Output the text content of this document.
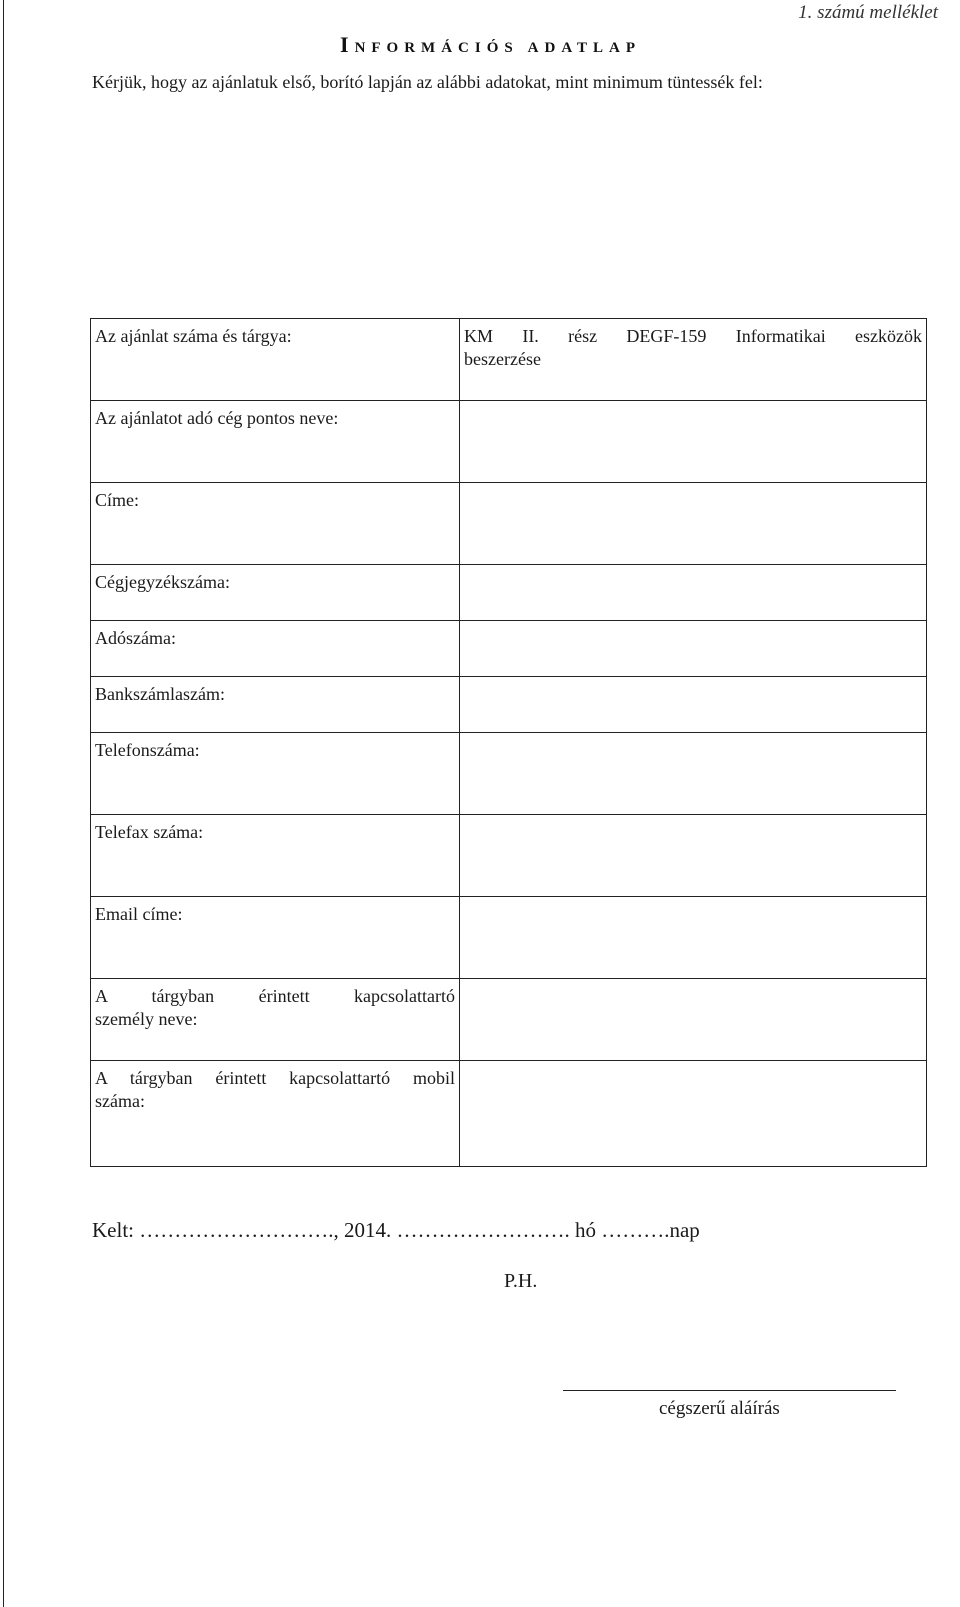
1. számú melléklet
INFORMÁCIÓS ADATLAP
Kérjük, hogy az ajánlatuk első, borító lapján az alábbi adatokat, mint minimum tüntessék fel:
Az ajánlat száma és tárgya:	KM II. rész DEGF-159 Informatikai eszközök
beszerzése

Az ajánlatot adó cég pontos neve:	
Címe:	
Cégjegyzékszáma:	
Adószáma:	
Bankszámlaszám:	
Telefonszáma:	
Telefax száma:	
Email címe:	

A tárgyban érintett kapcsolattartó
személy neve:	

A tárgyban érintett kapcsolattartó mobil
száma:	

Kelt: ………………………., 2014. ……………………. hó ……….nap
P.H.
cégszerű aláírás
